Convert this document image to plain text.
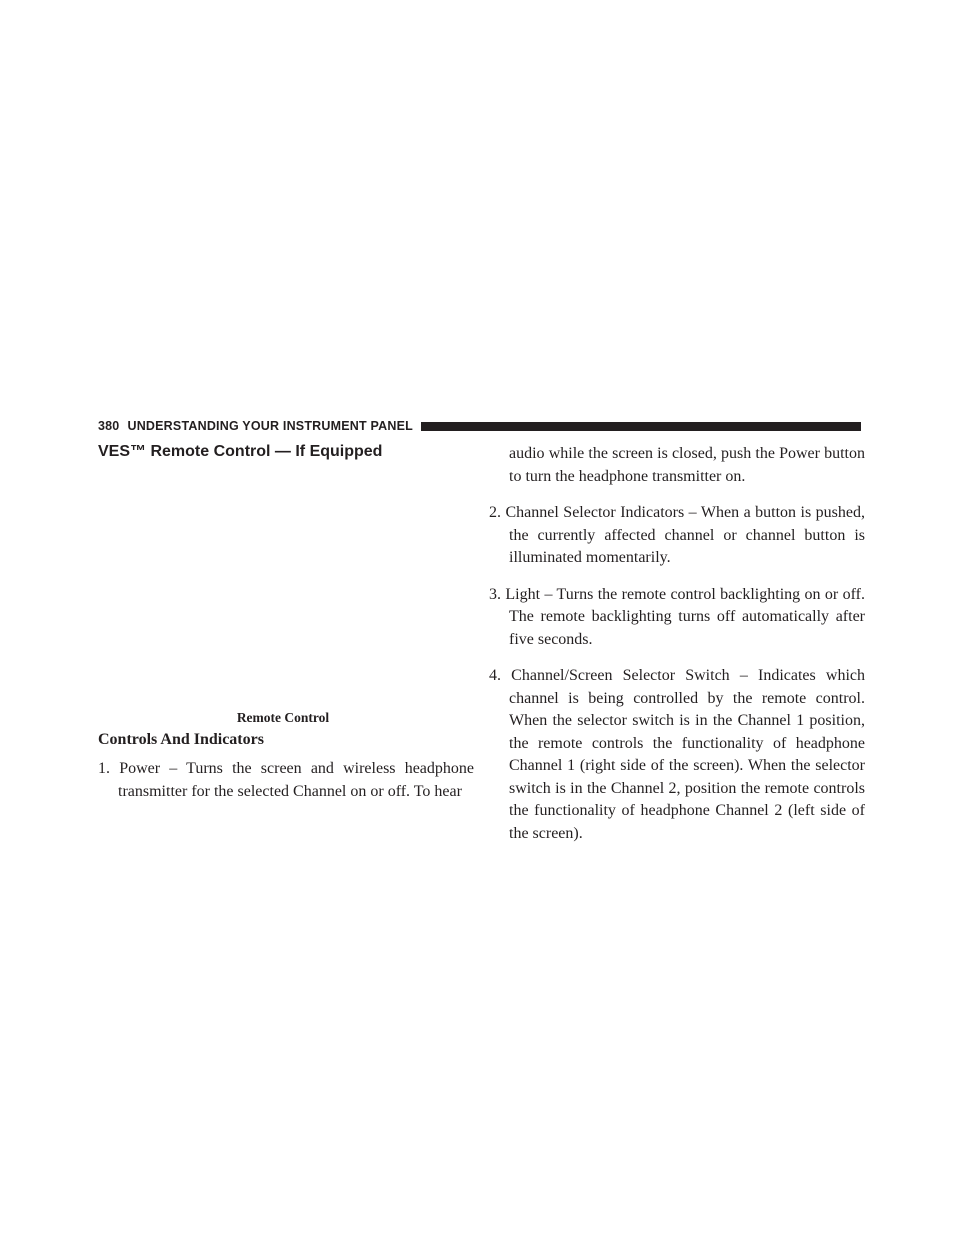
380 UNDERSTANDING YOUR INSTRUMENT PANEL
VES™ Remote Control — If Equipped
Remote Control
Controls And Indicators

1. Power – Turns the screen and wireless headphone transmitter for the selected Channel on or off. To hear

audio while the screen is closed, push the Power button to turn the headphone transmitter on.

2. Channel Selector Indicators – When a button is pushed, the currently affected channel or channel button is illuminated momentarily.

3. Light – Turns the remote control backlighting on or off. The remote backlighting turns off automatically after five seconds.

4. Channel/Screen Selector Switch – Indicates which channel is being controlled by the remote control. When the selector switch is in the Channel 1 position, the remote controls the functionality of headphone Channel 1 (right side of the screen). When the selector switch is in the Channel 2, position the remote controls the functionality of headphone Channel 2 (left side of the screen).
